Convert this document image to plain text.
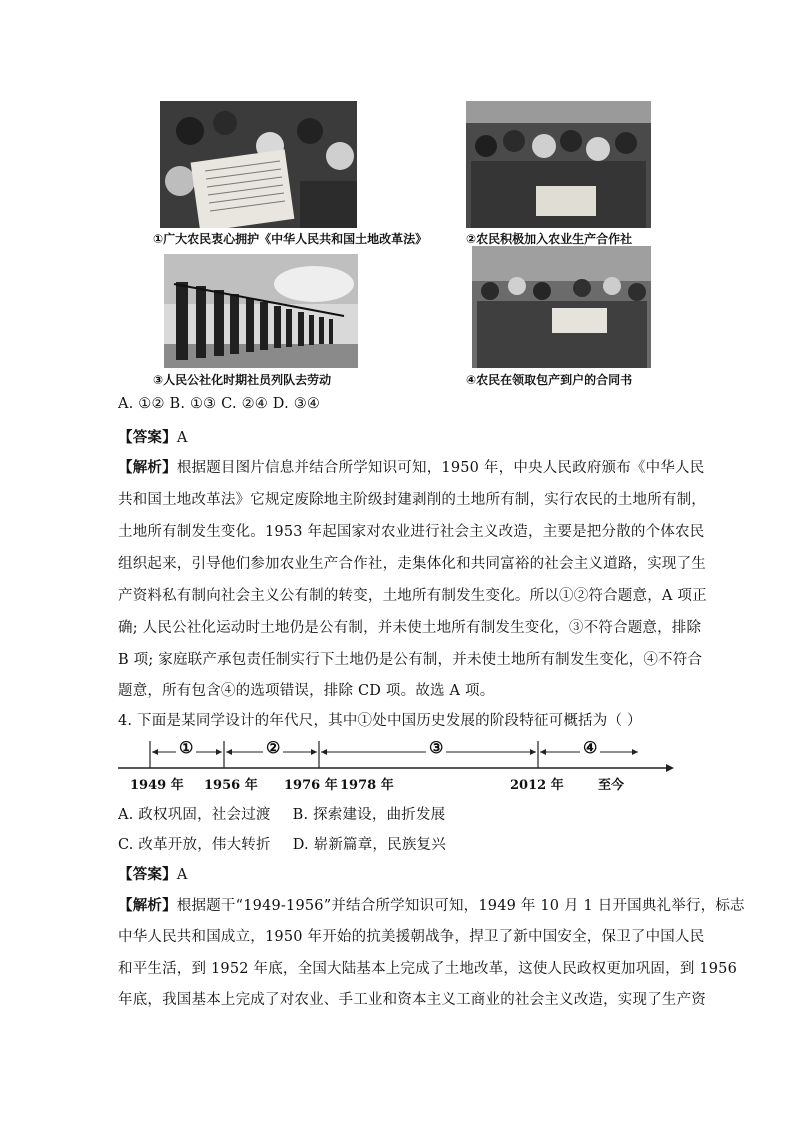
①广大农民衷心拥护《中华人民共和国土地改革法》	②农民积极加入农业生产合作社
③人民公社化时期社员列队去劳动	④农民在领取包产到户的合同书
A. ①② B. ①③ C. ②④ D. ③④
【答案】A
【解析】根据题目图片信息并结合所学知识可知，1950 年，中央人民政府颁布《中华人民
共和国土地改革法》它规定废除地主阶级封建剥削的土地所有制，实行农民的土地所有制，
土地所有制发生变化。1953 年起国家对农业进行社会主义改造，主要是把分散的个体农民
组织起来，引导他们参加农业生产合作社，走集体化和共同富裕的社会主义道路，实现了生
产资料私有制向社会主义公有制的转变，土地所有制发生变化。所以①②符合题意，A 项正
确; 人民公社化运动时土地仍是公有制，并未使土地所有制发生变化，③不符合题意，排除
B 项; 家庭联产承包责任制实行下土地仍是公有制，并未使土地所有制发生变化，④不符合
题意，所有包含④的选项错误，排除 CD 项。故选 A 项。
4. 下面是某同学设计的年代尺，其中①处中国历史发展的阶段特征可概括为（ ）
①	②	③	④
1949 年 1956 年 1976 年 1978 年	2012 年	至今
A. 政权巩固，社会过渡 B. 探索建设，曲折发展
C. 改革开放，伟大转折 D. 崭新篇章，民族复兴
【答案】A
【解析】根据题干“1949-1956”并结合所学知识可知，1949 年 10 月 1 日开国典礼举行，标志
中华人民共和国成立，1950 年开始的抗美援朝战争，捍卫了新中国安全，保卫了中国人民
和平生活，到 1952 年底，全国大陆基本上完成了土地改革，这使人民政权更加巩固，到 1956
年底，我国基本上完成了对农业、手工业和资本主义工商业的社会主义改造，实现了生产资
